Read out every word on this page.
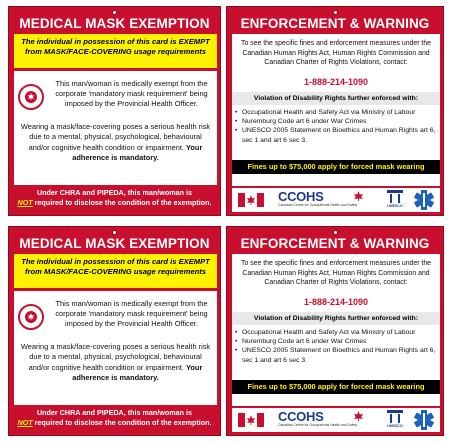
MEDICAL MASK EXEMPTION
The individual in possession of this card is EXEMPT from MASK/FACE-COVERING usage requirements
This man/woman is medically exempt from the corporate 'mandatory mask requirement' being imposed by the Provincial Health Officer.
Wearing a mask/face-covering poses a serious health risk due to a mental, physical, psychological, behavioural and/or cognitive health condition or impairment. Your adherence is mandatory.
Under CHRA and PIPEDA, this man/woman is
NOT required to disclose the condition of the exemption.
ENFORCEMENT & WARNING
To see the specific fines and enforcement measures under the Canadian Human Rights Act, Human Rights Commission and Canadian Charter of Rights Violations, contact:
1-888-214-1090
Violation of Disability Rights further enforced with:
• Occupational Health and Safety Act via Ministry of Labour
• Nuremburg Code art 6 under War Crimes
• UNESCO 2005 Statement on Bioethics and Human Rights art 6, sec 1 and art 6 sec 3.
Fines up to $75,000 apply for forced mask wearing
CCOHS
Canadian Centre for Occupational Health and Safety	UNESCO
MEDICAL MASK EXEMPTION
The individual in possession of this card is EXEMPT from MASK/FACE-COVERING usage requirements
This man/woman is medically exempt from the corporate 'mandatory mask requirement' being imposed by the Provincial Health Officer.
Wearing a mask/face-covering poses a serious health risk due to a mental, physical, psychological, behavioural and/or cognitive health condition or impairment. Your adherence is mandatory.
Under CHRA and PIPEDA, this man/woman is
NOT required to disclose the condition of the exemption.
ENFORCEMENT & WARNING
To see the specific fines and enforcement measures under the Canadian Human Rights Act, Human Rights Commission and Canadian Charter of Rights Violations, contact:
1-888-214-1090
Violation of Disability Rights further enforced with:
• Occupational Health and Safety Act via Ministry of Labour
• Nuremburg Code art 6 under War Crimes
• UNESCO 2005 Statement on Bioethics and Human Rights art 6, sec 1 and art 6 sec 3.
Fines up to $75,000 apply for forced mask wearing
CCOHS
Canadian Centre for Occupational Health and Safety	UNESCO
